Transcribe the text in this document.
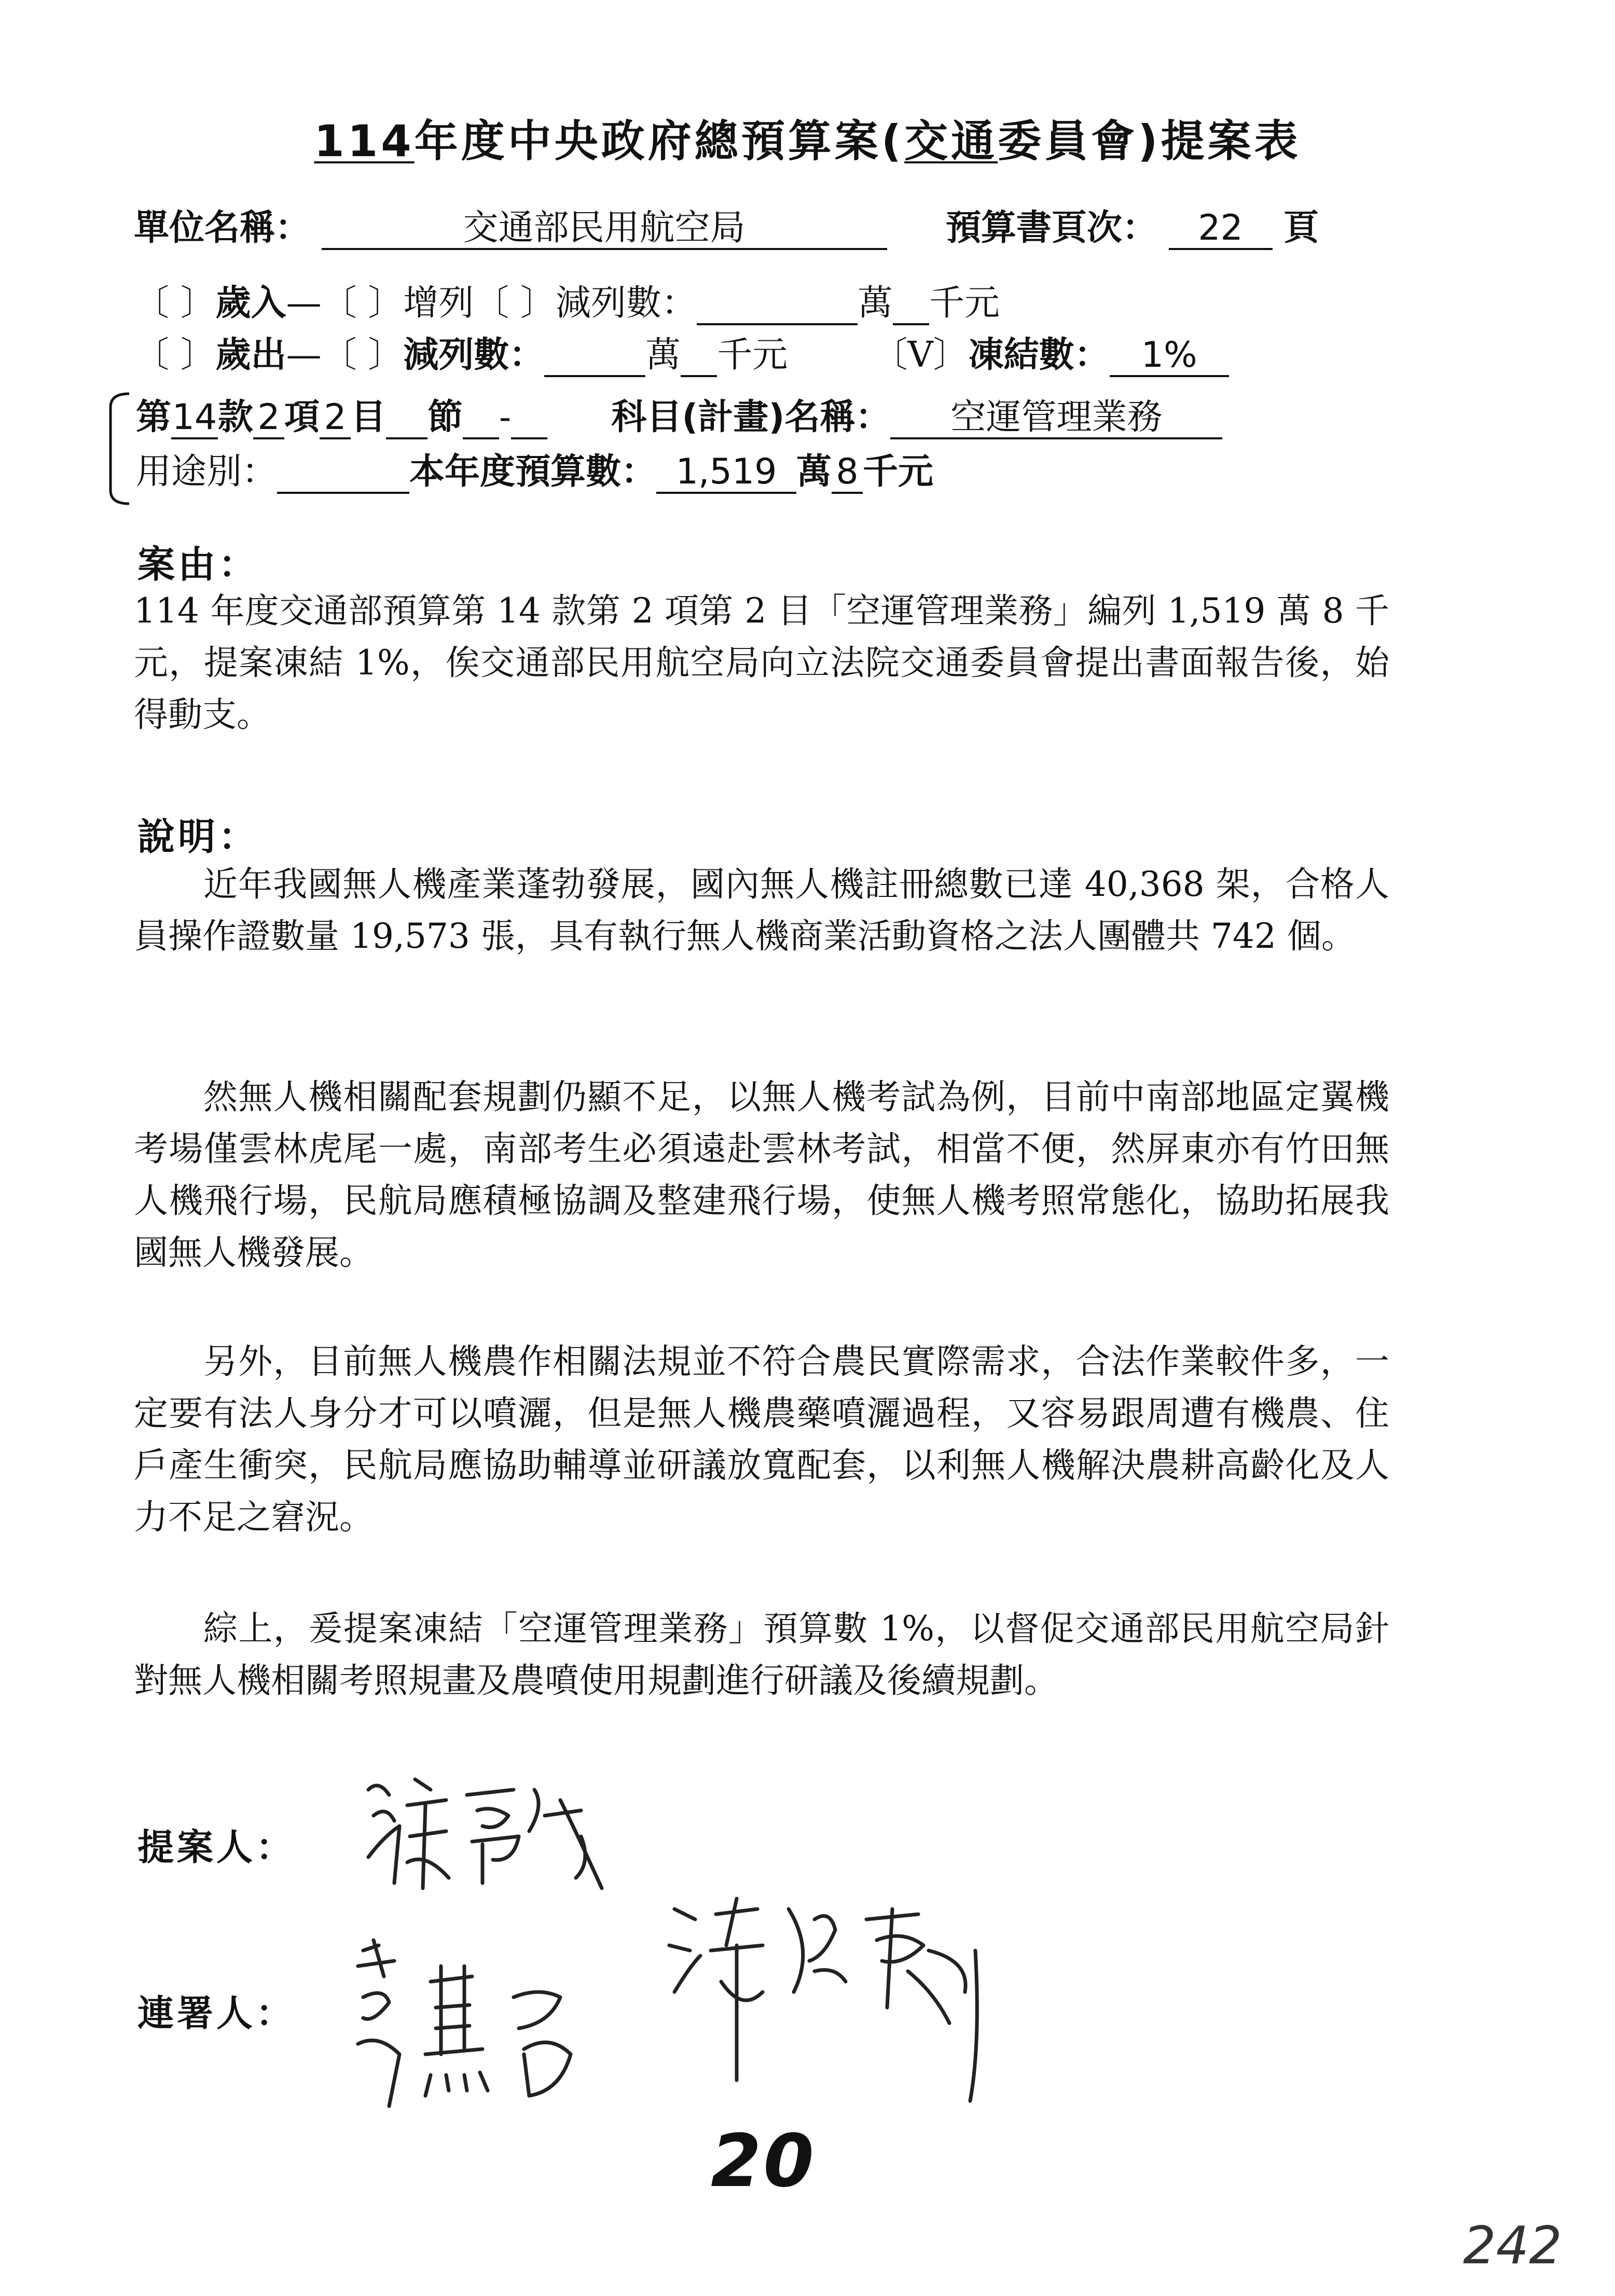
114年度中央政府總預算案(交通委員會)提案表
單位名稱：	交通部民用航空局	預算書頁次： 22 頁
〔 〕歲入—〔 〕增列〔 〕減列數：	萬 千元
〔 〕歲出—〔 〕減列數：	萬 千元 〔V〕凍結數： 1%
第14款 2 項 2 目 節 -	科目(計畫)名稱： 空運管理業務
用途別：	本年度預算數： 1,519 萬 8 千元
案由：
114 年度交通部預算第 14 款第 2 項第 2 目「空運管理業務」編列 1,519 萬 8 千元，提案凍結 1%，俟交通部民用航空局向立法院交通委員會提出書面報告後，始得動支。
說明：
近年我國無人機產業蓬勃發展，國內無人機註冊總數已達 40,368 架，合格人員操作證數量 19,573 張，具有執行無人機商業活動資格之法人團體共 742 個。
然無人機相關配套規劃仍顯不足，以無人機考試為例，目前中南部地區定翼機考場僅雲林虎尾一處，南部考生必須遠赴雲林考試，相當不便，然屏東亦有竹田無人機飛行場，民航局應積極協調及整建飛行場，使無人機考照常態化，協助拓展我國無人機發展。
另外，目前無人機農作相關法規並不符合農民實際需求，合法作業較件多，一定要有法人身分才可以噴灑，但是無人機農藥噴灑過程，又容易跟周遭有機農、住戶產生衝突，民航局應協助輔導並研議放寬配套，以利無人機解決農耕高齡化及人力不足之窘況。
綜上，爰提案凍結「空運管理業務」預算數 1%，以督促交通部民用航空局針對無人機相關考照規畫及農噴使用規劃進行研議及後續規劃。
提案人：
連署人：
20
242
